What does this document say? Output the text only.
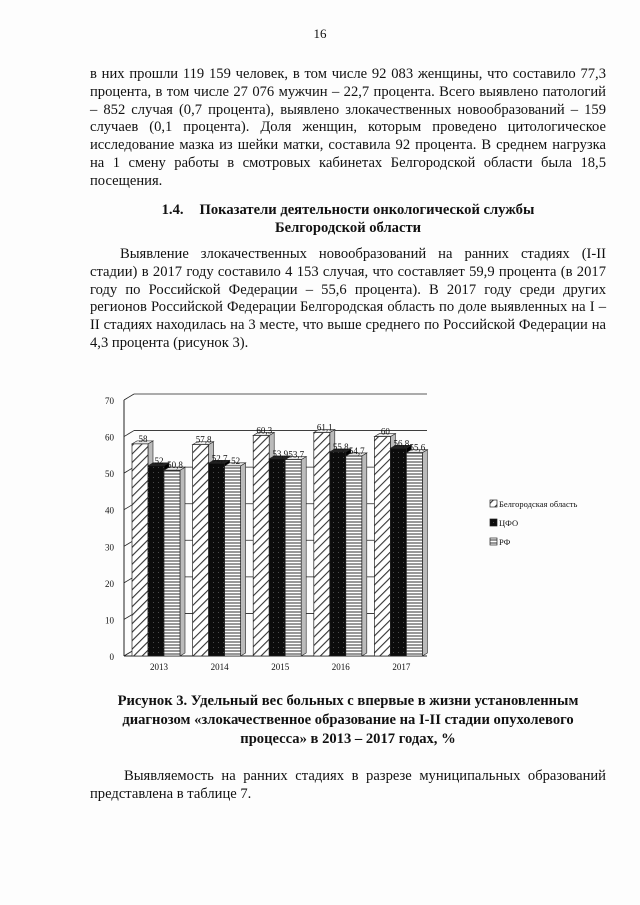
16
в них прошли 119 159 человек, в том числе 92 083 женщины, что составило 77,3 процента, в том числе 27 076 мужчин – 22,7 процента. Всего выявлено патологий – 852 случая (0,7 процента), выявлено злокачественных новообразований – 159 случаев (0,1 процента). Доля женщин, которым проведено цитологическое исследование мазка из шейки матки, составила 92 процента. В среднем нагрузка на 1 смену работы в смотровых кабинетах Белгородской области была 18,5 посещения.
1.4. Показатели деятельности онкологической службы Белгородской области
Выявление злокачественных новообразований на ранних стадиях (I-II стадии) в 2017 году составило 4 153 случая, что составляет 59,9 процента (в 2017 году по Российской Федерации – 55,6 процента). В 2017 году среди других регионов Российской Федерации Белгородская область по доле выявленных на I – II стадиях находилась на 3 месте, что выше среднего по Российской Федерации на 4,3 процента (рисунок 3).
0
10
20
30
40
50
60
70
58
52 50,8
2013
57,8
52,7 52
2014
60,3
53,9 53,7
2015
61,1
55,8 54,7
2016
60
56,8 55,6
2017
Белгородская область
ЦФО
РФ
Рисунок 3. Удельный вес больных с впервые в жизни установленным диагнозом «злокачественное образование на I-II стадии опухолевого процесса» в 2013 – 2017 годах, %
Выявляемость на ранних стадиях в разрезе муниципальных образований представлена в таблице 7.
